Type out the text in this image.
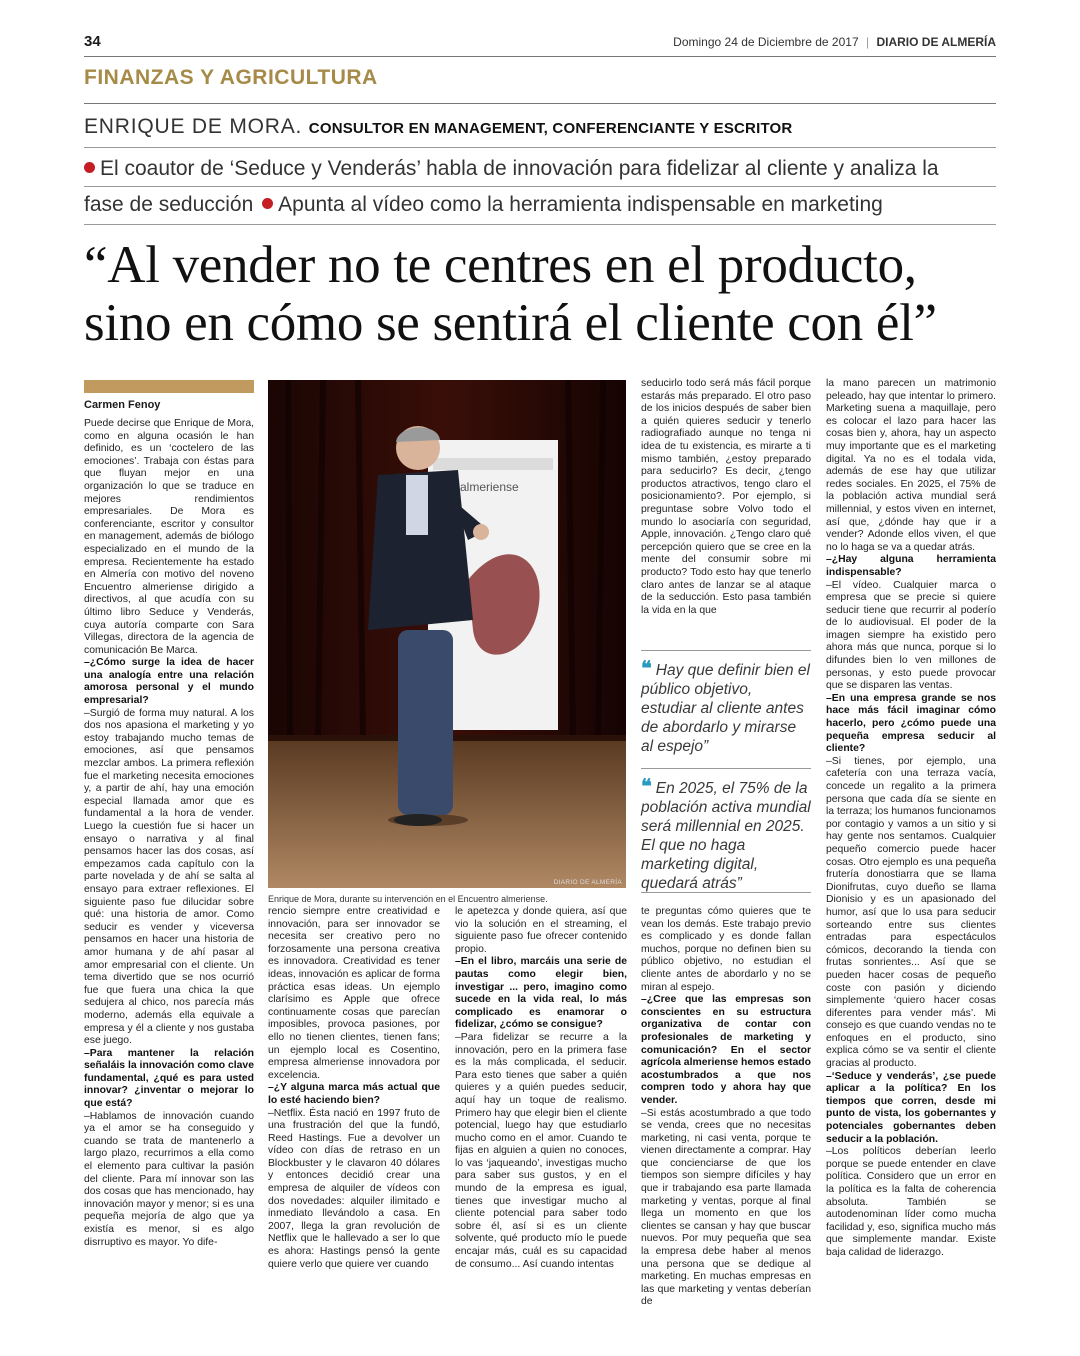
34	Domingo 24 de Diciembre de 2017 | DIARIO DE ALMERÍA
FINANZAS Y AGRICULTURA
ENRIQUE DE MORA. CONSULTOR EN MANAGEMENT, CONFERENCIANTE Y ESCRITOR
El coautor de ‘Seduce y Venderás’ habla de innovación para fidelizar al cliente y analiza la
fase de seducción Apunta al vídeo como la herramienta indispensable en marketing
“Al vender no te centres en el producto,
sino en cómo se sentirá el cliente con él”
Carmen Fenoy

Puede decirse que Enrique de Mora, como en alguna ocasión le han definido, es un ‘coctelero de las emociones’. Trabaja con éstas para que fluyan mejor en una organización lo que se traduce en mejores rendimientos empresariales. De Mora es conferenciante, escritor y consultor en management, además de biólogo especializado en el mundo de la empresa. Recientemente ha estado en Almería con motivo del noveno Encuentro almeriense dirigido a directivos, al que acudía con su último libro Seduce y Venderás, cuya autoría comparte con Sara Villegas, directora de la agencia de comunicación Be Marca.

–¿Cómo surge la idea de hacer una analogía entre una relación amorosa personal y el mundo empresarial?

–Surgió de forma muy natural. A los dos nos apasiona el marketing y yo estoy trabajando mucho temas de emociones, así que pensamos mezclar ambos. La primera reflexión fue el marketing necesita emociones y, a partir de ahí, hay una emoción especial llamada amor que es fundamental a la hora de vender. Luego la cuestión fue si hacer un ensayo o narrativa y al final pensamos hacer las dos cosas, así empezamos cada capítulo con la parte novelada y de ahí se salta al ensayo para extraer reflexiones. El siguiente paso fue dilucidar sobre qué: una historia de amor. Como seducir es vender y viceversa pensamos en hacer una historia de amor humana y de ahí pasar al amor empresarial con el cliente. Un tema divertido que se nos ocurrió fue que fuera una chica la que sedujera al chico, nos parecía más moderno, además ella equivale a empresa y él a cliente y nos gustaba ese juego.

–Para mantener la relación señaláis la innovación como clave fundamental, ¿qué es para usted innovar? ¿inventar o mejorar lo que está?

–Hablamos de innovación cuando ya el amor se ha conseguido y cuando se trata de mantenerlo a largo plazo, recurrimos a ella como el elemento para cultivar la pasión del cliente. Para mí innovar son las dos cosas que has mencionado, hay innovación mayor y menor; si es una pequeña mejoría de algo que ya existía es menor, si es algo disrruptivo es mayor. Yo dife-

almeriense
DIARIO DE ALMERÍA
Enrique de Mora, durante su intervención en el Encuentro almeriense.

rencio siempre entre creatividad e innovación, para ser innovador se necesita ser creativo pero no forzosamente una persona creativa es innovadora. Creatividad es tener ideas, innovación es aplicar de forma práctica esas ideas. Un ejemplo clarísimo es Apple que ofrece continuamente cosas que parecían imposibles, provoca pasiones, por ello no tienen clientes, tienen fans; un ejemplo local es Cosentino, empresa almeriense innovadora por excelencia.

–¿Y alguna marca más actual que lo esté haciendo bien?

–Netflix. Ésta nació en 1997 fruto de una frustración del que la fundó, Reed Hastings. Fue a devolver un vídeo con días de retraso en un Blockbuster y le clavaron 40 dólares y entonces decidió crear una empresa de alquiler de vídeos con dos novedades: alquiler ilimitado e inmediato llevándolo a casa. En 2007, llega la gran revolución de Netflix que le hallevado a ser lo que es ahora: Hastings pensó la gente quiere verlo que quiere ver cuando

le apetezca y donde quiera, así que vio la solución en el streaming, el siguiente paso fue ofrecer contenido propio.

–En el libro, marcáis una serie de pautas como elegir bien, investigar ... pero, imagino como sucede en la vida real, lo más complicado es enamorar o fidelizar, ¿cómo se consigue?

–Para fidelizar se recurre a la innovación, pero en la primera fase es la más complicada, el seducir. Para esto tienes que saber a quién quieres y a quién puedes seducir, aquí hay un toque de realismo. Primero hay que elegir bien el cliente potencial, luego hay que estudiarlo mucho como en el amor. Cuando te fijas en alguien a quien no conoces, lo vas ‘jaqueando’, investigas mucho para saber sus gustos, y en el mundo de la empresa es igual, tienes que investigar mucho al cliente potencial para saber todo sobre él, así si es un cliente solvente, qué producto mío le puede encajar más, cuál es su capacidad de consumo... Así cuando intentas

seducirlo todo será más fácil porque estarás más preparado. El otro paso de los inicios después de saber bien a quién quieres seducir y tenerlo radiografiado aunque no tenga ni idea de tu existencia, es mirarte a ti mismo también, ¿estoy preparado para seducirlo? Es decir, ¿tengo productos atractivos, tengo claro el posicionamiento?. Por ejemplo, si preguntase sobre Volvo todo el mundo lo asociaría con seguridad, Apple, innovación. ¿Tengo claro qué percepción quiero que se cree en la mente del consumir sobre mi producto? Todo esto hay que tenerlo claro antes de lanzar se al ataque de la seducción. Esto pasa también la vida en la que

❝ Hay que definir bien el público objetivo, estudiar al cliente antes de abordarlo y mirarse al espejo”
❝ En 2025, el 75% de la población activa mundial será millennial en 2025. El que no haga marketing digital, quedará atrás”

te preguntas cómo quieres que te vean los demás. Este trabajo previo es complicado y es donde fallan muchos, porque no definen bien su público objetivo, no estudian el cliente antes de abordarlo y no se miran al espejo.

–¿Cree que las empresas son conscientes en su estructura organizativa de contar con profesionales de marketing y comunicación? En el sector agrícola almeriense hemos estado acostumbrados a que nos compren todo y ahora hay que vender.

–Si estás acostumbrado a que todo se venda, crees que no necesitas marketing, ni casi venta, porque te vienen directamente a comprar. Hay que concienciarse de que los tiempos son siempre difíciles y hay que ir trabajando esa parte llamada marketing y ventas, porque al final llega un momento en que los clientes se cansan y hay que buscar nuevos. Por muy pequeña que sea la empresa debe haber al menos una persona que se dedique al marketing. En muchas empresas en las que marketing y ventas deberían de

la mano parecen un matrimonio peleado, hay que intentar lo primero. Marketing suena a maquillaje, pero es colocar el lazo para hacer las cosas bien y, ahora, hay un aspecto muy importante que es el marketing digital. Ya no es el todala vida, además de ese hay que utilizar redes sociales. En 2025, el 75% de la población activa mundial será millennial, y estos viven en internet, así que, ¿dónde hay que ir a vender? Adonde ellos viven, el que no lo haga se va a quedar atrás.

–¿Hay alguna herramienta indispensable?

–El vídeo. Cualquier marca o empresa que se precie si quiere seducir tiene que recurrir al poderío de lo audiovisual. El poder de la imagen siempre ha existido pero ahora más que nunca, porque si lo difundes bien lo ven millones de personas, y esto puede provocar que se disparen las ventas.

–En una empresa grande se nos hace más fácil imaginar cómo hacerlo, pero ¿cómo puede una pequeña empresa seducir al cliente?

–Si tienes, por ejemplo, una cafetería con una terraza vacía, concede un regalito a la primera persona que cada día se siente en la terraza; los humanos funcionamos por contagio y vamos a un sitio y si hay gente nos sentamos. Cualquier pequeño comercio puede hacer cosas. Otro ejemplo es una pequeña frutería donostiarra que se llama Dionifrutas, cuyo dueño se llama Dionisio y es un apasionado del humor, así que lo usa para seducir sorteando entre sus clientes entradas para espectáculos cómicos, decorando la tienda con frutas sonrientes... Así que se pueden hacer cosas de pequeño coste con pasión y diciendo simplemente ‘quiero hacer cosas diferentes para vender más’. Mi consejo es que cuando vendas no te enfoques en el producto, sino explica cómo se va sentir el cliente gracias al producto.

–‘Seduce y venderás’, ¿se puede aplicar a la política? En los tiempos que corren, desde mi punto de vista, los gobernantes y potenciales gobernantes deben seducir a la población.

–Los políticos deberían leerlo porque se puede entender en clave política. Considero que un error en la política es la falta de coherencia absoluta. También se autodenominan líder como mucha facilidad y, eso, significa mucho más que simplemente mandar. Existe baja calidad de liderazgo.
